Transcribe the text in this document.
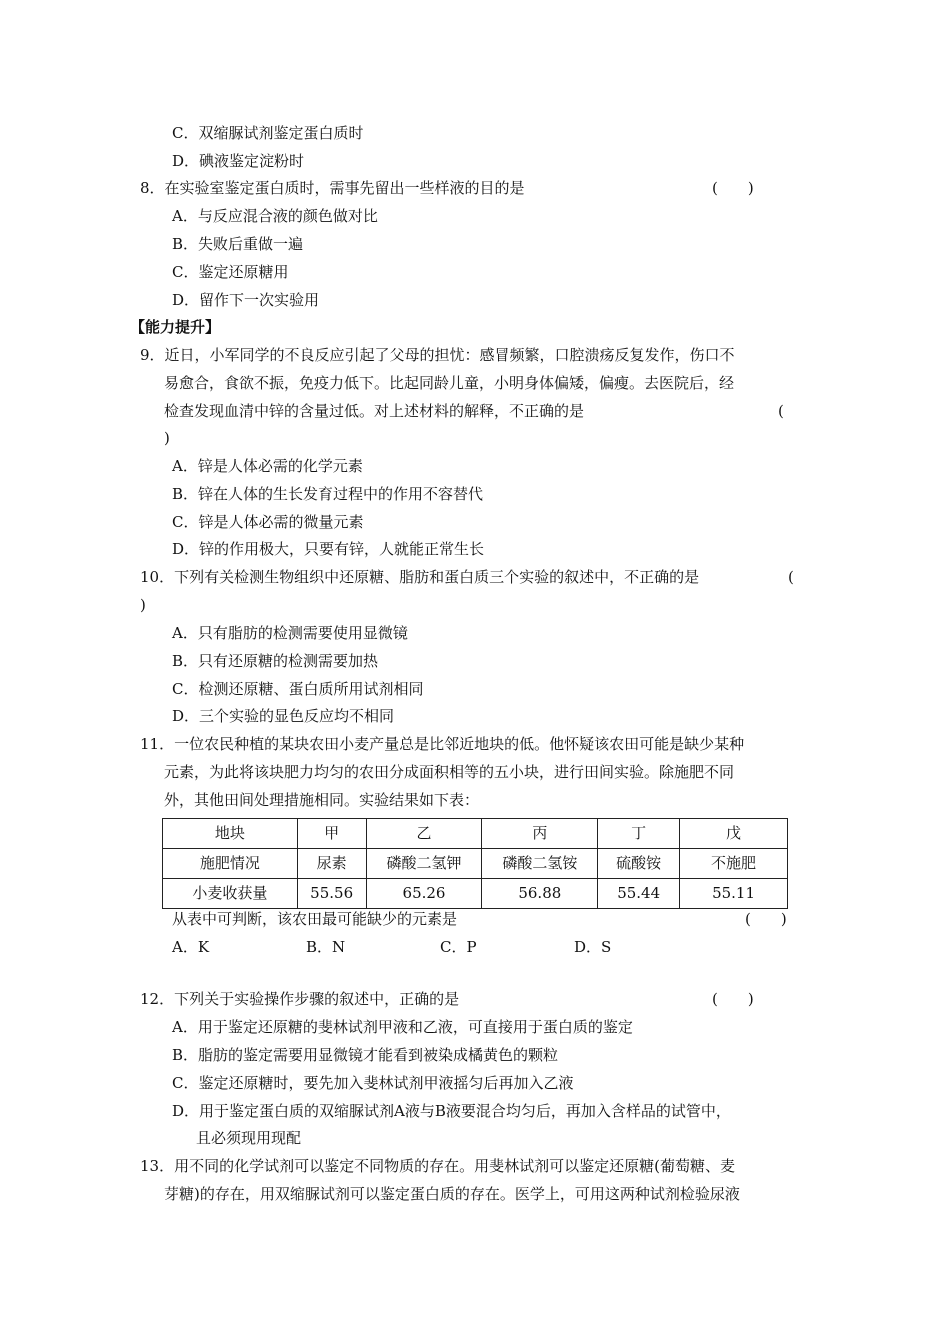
C．双缩脲试剂鉴定蛋白质时
D．碘液鉴定淀粉时
8．在实验室鉴定蛋白质时，需事先留出一些样液的目的是	(　　)
A．与反应混合液的颜色做对比
B．失败后重做一遍
C．鉴定还原糖用
D．留作下一次实验用
【能力提升】
9．近日，小军同学的不良反应引起了父母的担忧：感冒频繁，口腔溃疡反复发作，伤口不
易愈合，食欲不振，免疫力低下。比起同龄儿童，小明身体偏矮，偏瘦。去医院后，经
检查发现血清中锌的含量过低。对上述材料的解释，不正确的是	(
)
A．锌是人体必需的化学元素
B．锌在人体的生长发育过程中的作用不容替代
C．锌是人体必需的微量元素
D．锌的作用极大，只要有锌，人就能正常生长
10．下列有关检测生物组织中还原糖、脂肪和蛋白质三个实验的叙述中，不正确的是	(
)
A．只有脂肪的检测需要使用显微镜
B．只有还原糖的检测需要加热
C．检测还原糖、蛋白质所用试剂相同
D．三个实验的显色反应均不相同
11．一位农民种植的某块农田小麦产量总是比邻近地块的低。他怀疑该农田可能是缺少某种
元素，为此将该块肥力均匀的农田分成面积相等的五小块，进行田间实验。除施肥不同
外，其他田间处理措施相同。实验结果如下表：
地块	甲	乙	丙	丁	戊
施肥情况	尿素	磷酸二氢钾	磷酸二氢铵	硫酸铵	不施肥
小麦收获量	55.56	65.26	56.88	55.44	55.11
从表中可判断，该农田最可能缺少的元素是	(　　)
A．K	B．N	C．P	D．S
12．下列关于实验操作步骤的叙述中，正确的是	(　　)
A．用于鉴定还原糖的斐林试剂甲液和乙液，可直接用于蛋白质的鉴定
B．脂肪的鉴定需要用显微镜才能看到被染成橘黄色的颗粒
C．鉴定还原糖时，要先加入斐林试剂甲液摇匀后再加入乙液
D．用于鉴定蛋白质的双缩脲试剂A液与B液要混合均匀后，再加入含样品的试管中，
且必须现用现配
13．用不同的化学试剂可以鉴定不同物质的存在。用斐林试剂可以鉴定还原糖(葡萄糖、麦
芽糖)的存在，用双缩脲试剂可以鉴定蛋白质的存在。医学上，可用这两种试剂检验尿液
